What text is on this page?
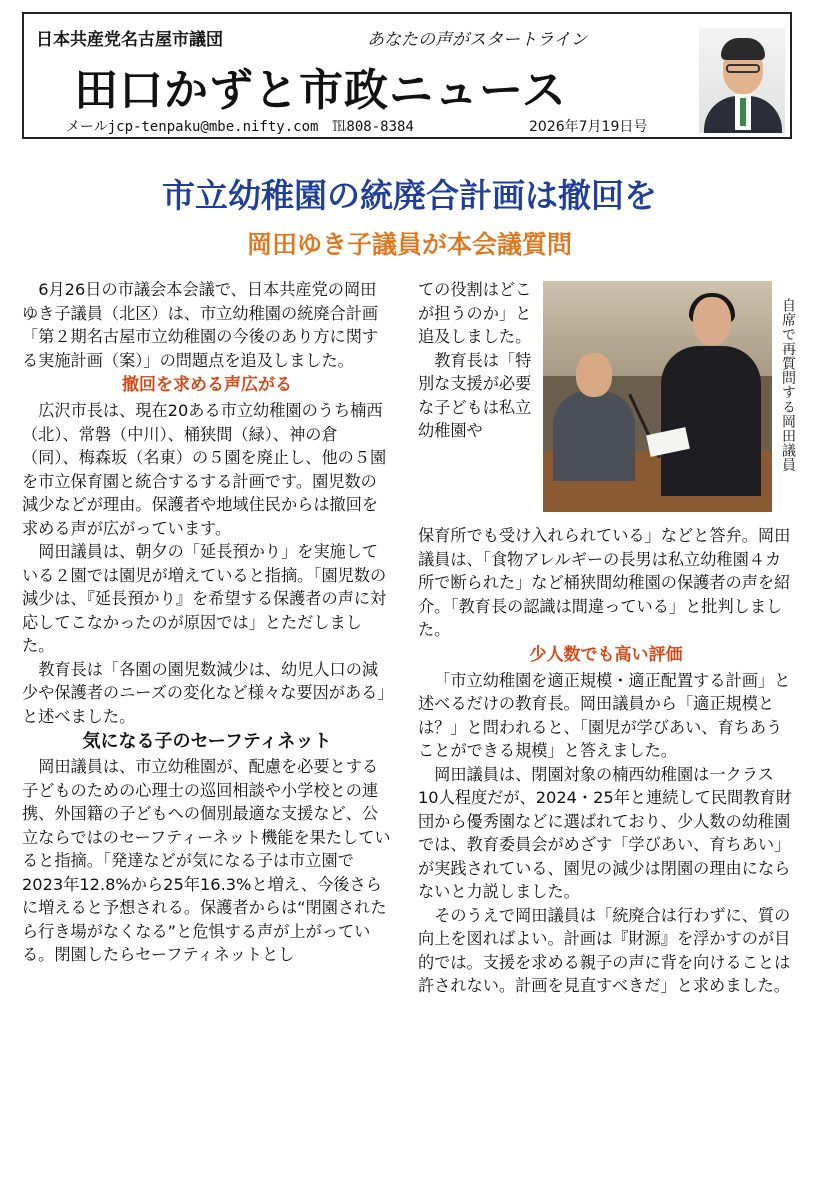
日本共産党名古屋市議団	あなたの声がスタートライン
田口かずと市政ニュース
メールjcp-tenpaku@mbe.nifty.com　℡808-8384	2026年7月19日号
市立幼稚園の統廃合計画は撤回を
岡田ゆき子議員が本会議質問

6月26日の市議会本会議で、日本共産党の岡田ゆき子議員（北区）は、市立幼稚園の統廃合計画「第２期名古屋市立幼稚園の今後のあり方に関する実施計画（案）」の問題点を追及しました。

撤回を求める声広がる

広沢市長は、現在20ある市立幼稚園のうち楠西（北）、常磐（中川）、桶狭間（緑）、神の倉（同）、梅森坂（名東）の５園を廃止し、他の５園を市立保育園と統合するする計画です。園児数の減少などが理由。保護者や地域住民からは撤回を求める声が広がっています。

岡田議員は、朝夕の「延長預かり」を実施している２園では園児が増えていると指摘。「園児数の減少は、『延長預かり』を希望する保護者の声に対応してこなかったのが原因では」とただしました。

教育長は「各園の園児数減少は、幼児人口の減少や保護者のニーズの変化など様々な要因がある」と述べました。

気になる子のセーフティネット

岡田議員は、市立幼稚園が、配慮を必要とする子どものための心理士の巡回相談や小学校との連携、外国籍の子どもへの個別最適な支援など、公立ならではのセーフティーネット機能を果たしていると指摘。「発達などが気になる子は市立園で2023年12.8%から25年16.3%と増え、今後さらに増えると予想される。保護者からは“閉園されたら行き場がなくなる”と危惧する声が上がっている。閉園したらセーフティネットとし

ての役割はどこが担うのか」と追及しました。

教育長は「特別な支援が必要な子どもは私立幼稚園や	自席で再質問する岡田議員

保育所でも受け入れられている」などと答弁。岡田議員は、「食物アレルギーの長男は私立幼稚園４カ所で断られた」など桶狭間幼稚園の保護者の声を紹介。「教育長の認識は間違っている」と批判しました。

少人数でも高い評価

「市立幼稚園を適正規模・適正配置する計画」と述べるだけの教育長。岡田議員から「適正規模とは？」と問われると、「園児が学びあい、育ちあうことができる規模」と答えました。

岡田議員は、閉園対象の楠西幼稚園は一クラス10人程度だが、2024・25年と連続して民間教育財団から優秀園などに選ばれており、少人数の幼稚園では、教育委員会がめざす「学びあい、育ちあい」が実践されている、園児の減少は閉園の理由にならないと力説しました。

そのうえで岡田議員は「統廃合は行わずに、質の向上を図ればよい。計画は『財源』を浮かすのが目的では。支援を求める親子の声に背を向けることは許されない。計画を見直すべきだ」と求めました。
